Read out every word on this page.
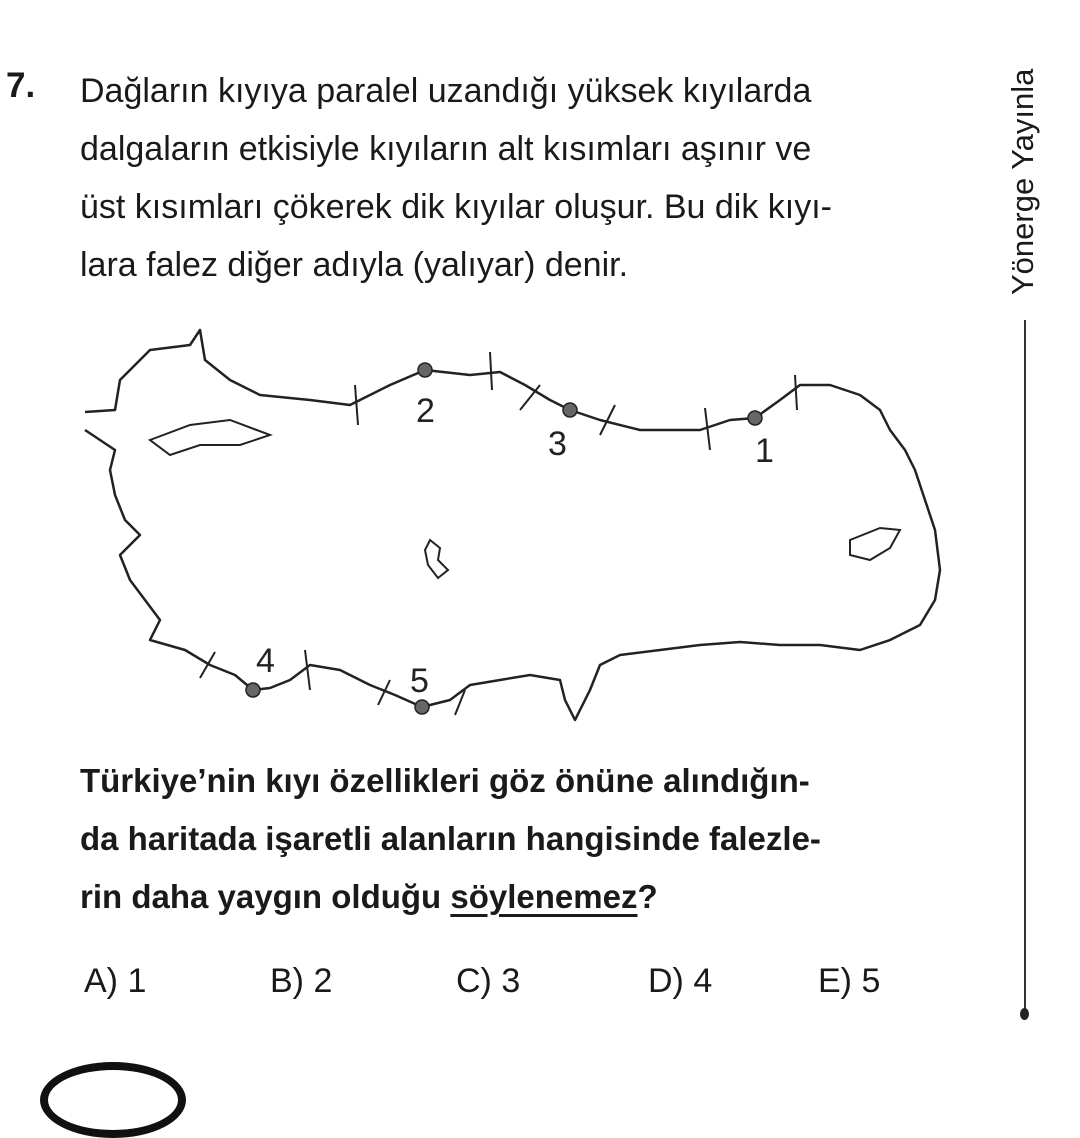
7. Dağların kıyıya paralel uzandığı yüksek kıyılarda
dalgaların etkisiyle kıyıların alt kısımları aşınır ve
üst kısımları çökerek dik kıyılar oluşur. Bu dik kıyı-
lara falez diğer adıyla (yalıyar) denir.	Yönerge Yayınla
1
2
3
4
5
Türkiye’nin kıyı özellikleri göz önüne alındığın-
da haritada işaretli alanların hangisinde falezle-
rin daha yaygın olduğu söylenemez?
A) 1	B) 2	C) 3	D) 4	E) 5
